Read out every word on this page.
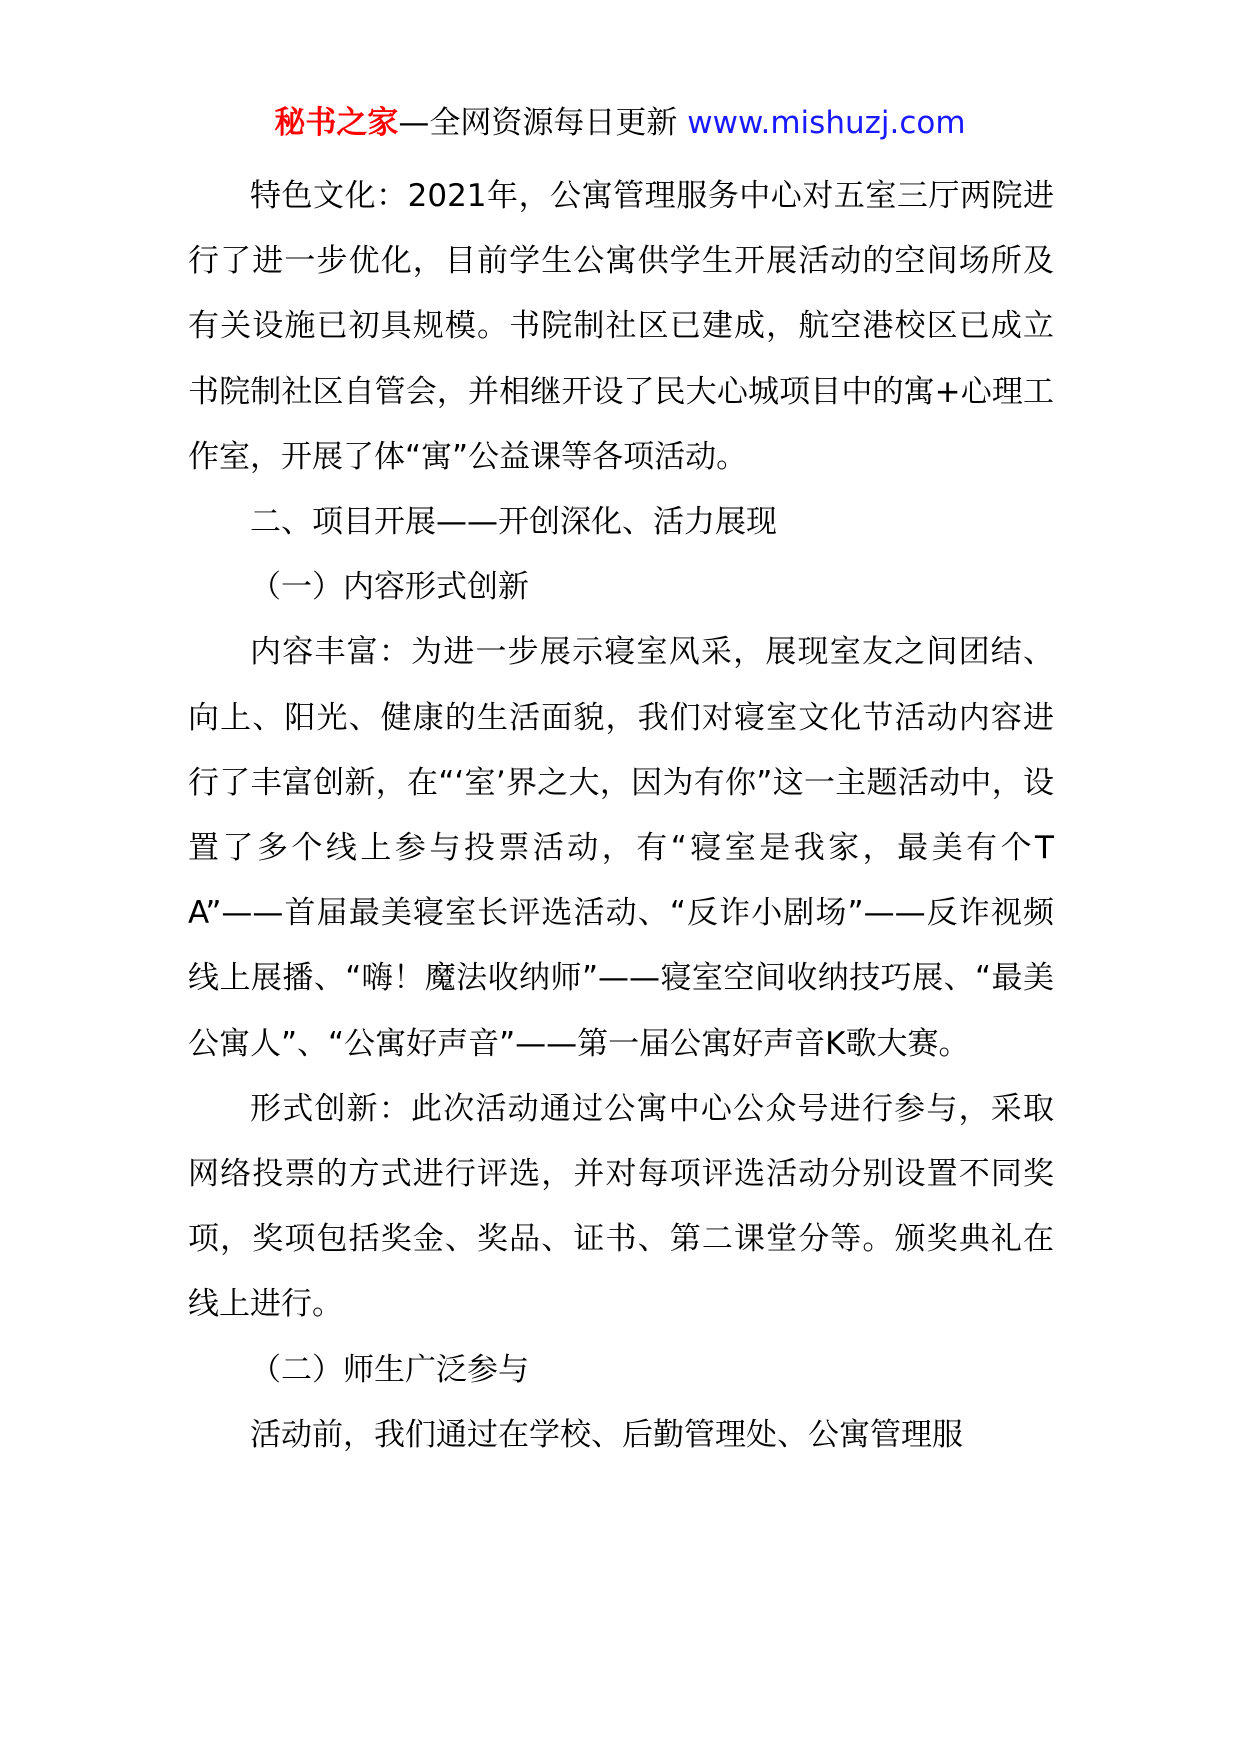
秘书之家—全网资源每日更新 www.mishuzj.com

特色文化：2021年，公寓管理服务中心对五室三厅两院进行了进一步优化，目前学生公寓供学生开展活动的空间场所及有关设施已初具规模。书院制社区已建成，航空港校区已成立书院制社区自管会，并相继开设了民大心城项目中的寓+心理工作室，开展了体“寓”公益课等各项活动。

二、项目开展——开创深化、活力展现

（一）内容形式创新

内容丰富：为进一步展示寝室风采，展现室友之间团结、向上、阳光、健康的生活面貌，我们对寝室文化节活动内容进行了丰富创新，在“‘室’界之大，因为有你”这一主题活动中，设置了多个线上参与投票活动，有“寝室是我家，最美有个TA”——首届最美寝室长评选活动、“反诈小剧场”——反诈视频线上展播、“嗨！魔法收纳师”——寝室空间收纳技巧展、“最美公寓人”、“公寓好声音”——第一届公寓好声音K歌大赛。

形式创新：此次活动通过公寓中心公众号进行参与，采取网络投票的方式进行评选，并对每项评选活动分别设置不同奖项，奖项包括奖金、奖品、证书、第二课堂分等。颁奖典礼在线上进行。

（二）师生广泛参与

活动前，我们通过在学校、后勤管理处、公寓管理服
